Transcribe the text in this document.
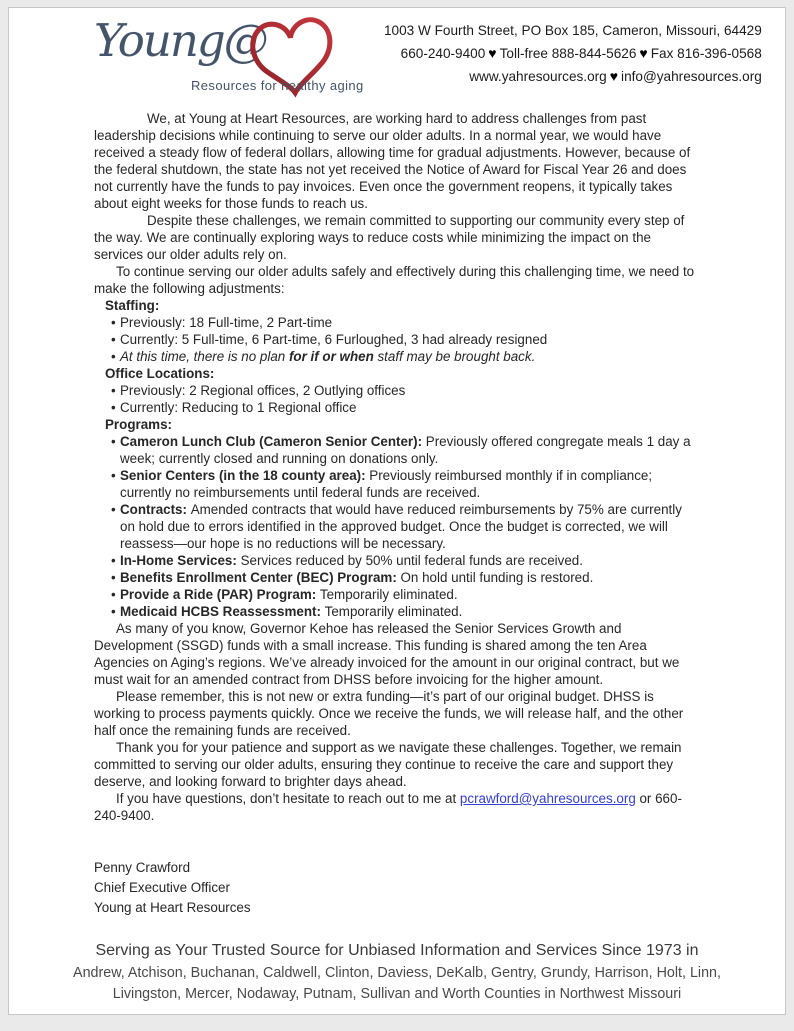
Young@
Resources for healthy aging
1003 W Fourth Street, PO Box 185, Cameron, Missouri, 64429
660-240-9400 ♥ Toll-free 888-844-5626 ♥ Fax 816-396-0568
www.yahresources.org ♥ info@yahresources.org
We, at Young at Heart Resources, are working hard to address challenges from past leadership decisions while continuing to serve our older adults. In a normal year, we would have received a steady flow of federal dollars, allowing time for gradual adjustments. However, because of the federal shutdown, the state has not yet received the Notice of Award for Fiscal Year 26 and does not currently have the funds to pay invoices. Even once the government reopens, it typically takes about eight weeks for those funds to reach us.
Despite these challenges, we remain committed to supporting our community every step of the way. We are continually exploring ways to reduce costs while minimizing the impact on the services our older adults rely on.
To continue serving our older adults safely and effectively during this challenging time, we need to make the following adjustments:
Staffing:
• Previously: 18 Full-time, 2 Part-time
• Currently: 5 Full-time, 6 Part-time, 6 Furloughed, 3 had already resigned
• At this time, there is no plan for if or when staff may be brought back.
Office Locations:
• Previously: 2 Regional offices, 2 Outlying offices
• Currently: Reducing to 1 Regional office
Programs:
• Cameron Lunch Club (Cameron Senior Center): Previously offered congregate meals 1 day a week; currently closed and running on donations only.
• Senior Centers (in the 18 county area): Previously reimbursed monthly if in compliance; currently no reimbursements until federal funds are received.
• Contracts: Amended contracts that would have reduced reimbursements by 75% are currently on hold due to errors identified in the approved budget. Once the budget is corrected, we will reassess—our hope is no reductions will be necessary.
• In-Home Services: Services reduced by 50% until federal funds are received.
• Benefits Enrollment Center (BEC) Program: On hold until funding is restored.
• Provide a Ride (PAR) Program: Temporarily eliminated.
• Medicaid HCBS Reassessment: Temporarily eliminated.
As many of you know, Governor Kehoe has released the Senior Services Growth and Development (SSGD) funds with a small increase. This funding is shared among the ten Area Agencies on Aging’s regions. We’ve already invoiced for the amount in our original contract, but we must wait for an amended contract from DHSS before invoicing for the higher amount.
Please remember, this is not new or extra funding—it’s part of our original budget. DHSS is working to process payments quickly. Once we receive the funds, we will release half, and the other half once the remaining funds are received.
Thank you for your patience and support as we navigate these challenges. Together, we remain committed to serving our older adults, ensuring they continue to receive the care and support they deserve, and looking forward to brighter days ahead.
If you have questions, don’t hesitate to reach out to me at pcrawford@yahresources.org or 660-240-9400.
Penny Crawford
Chief Executive Officer
Young at Heart Resources
Serving as Your Trusted Source for Unbiased Information and Services Since 1973 in
Andrew, Atchison, Buchanan, Caldwell, Clinton, Daviess, DeKalb, Gentry, Grundy, Harrison, Holt, Linn,
Livingston, Mercer, Nodaway, Putnam, Sullivan and Worth Counties in Northwest Missouri
